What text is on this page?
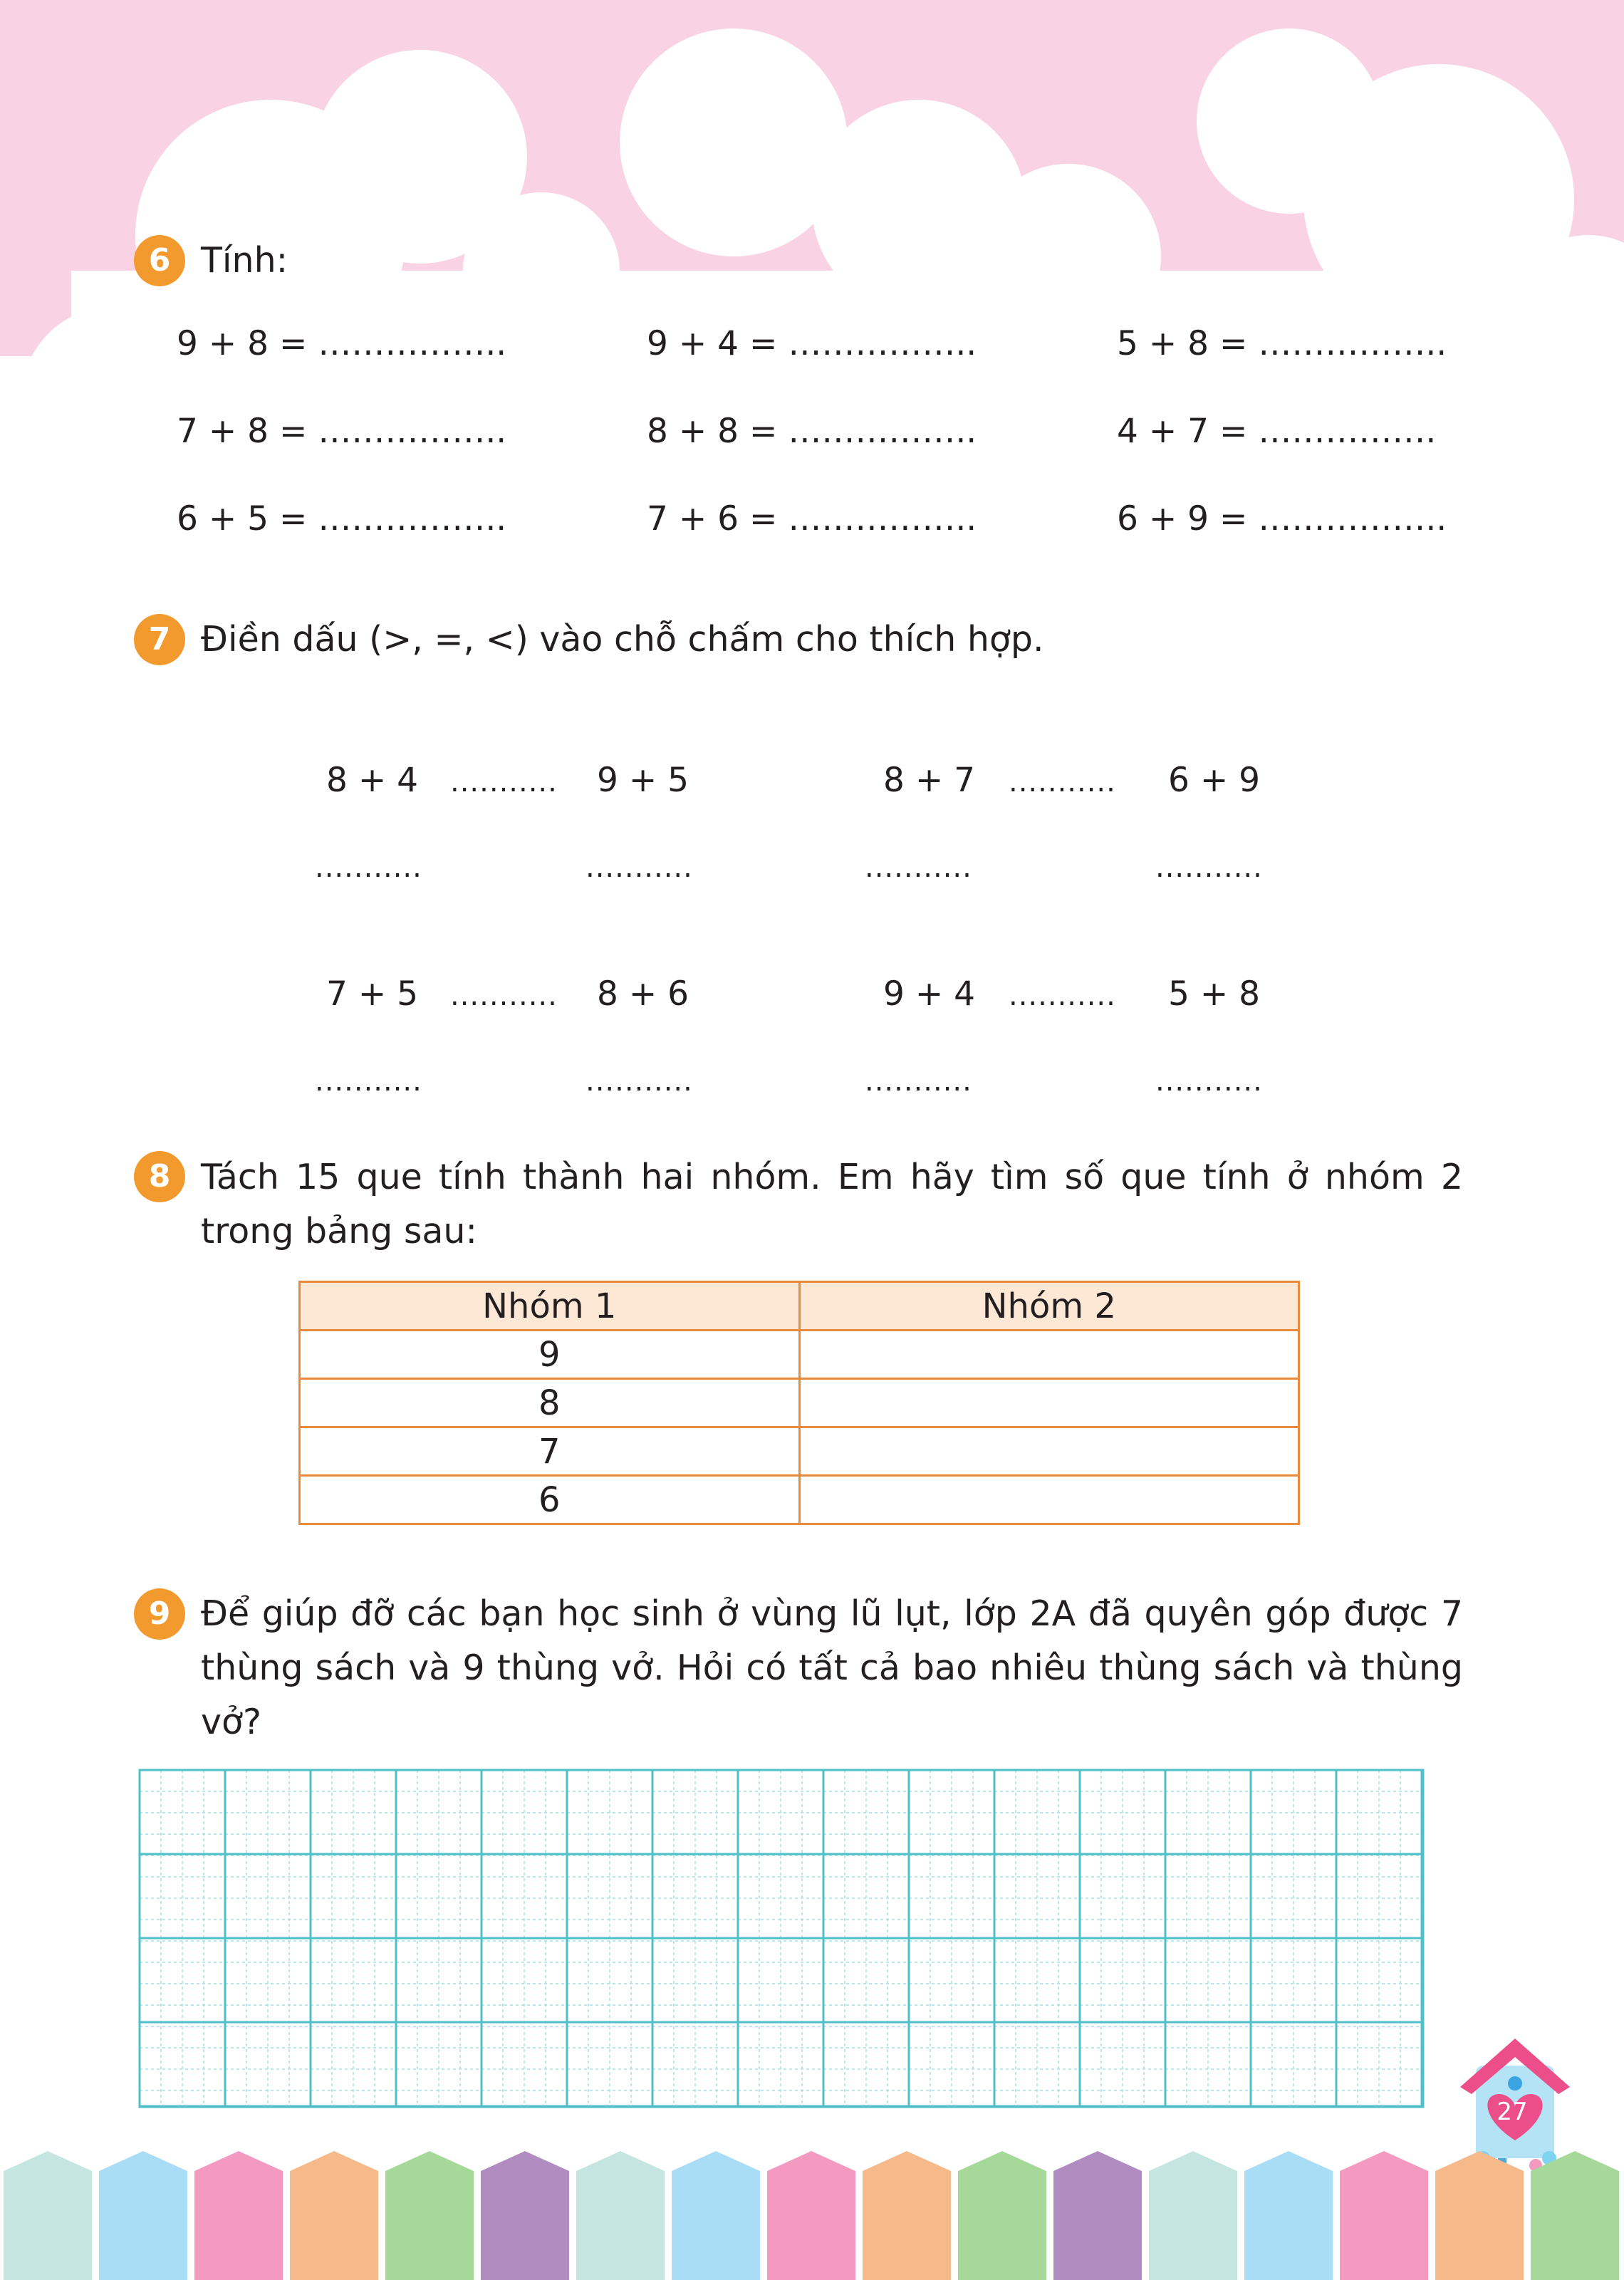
6 Tính:
9 + 8 = ……………..	9 + 4 = ……………..	5 + 8 = ……………..
7 + 8 = ……………..	8 + 8 = ……………..	4 + 7 = …………….
6 + 5 = ……………..	7 + 6 = ……………..	6 + 9 = ……………..
7 Điền dấu (>, =, <) vào chỗ chấm cho thích hợp.
8 + 4 ........... 9 + 5
...........	...........
8 + 7 ........... 6 + 9
...........	...........
7 + 5 ........... 8 + 6
...........	...........
9 + 4 ........... 5 + 8
...........	...........
8 Tách 15 que tính thành hai nhóm. Em hãy tìm số que tính ở nhóm 2 trong bảng sau:
Nhóm 1	Nhóm 2
9	
8	
7	
6	
9 Để giúp đỡ các bạn học sinh ở vùng lũ lụt, lớp 2A đã quyên góp được 7 thùng sách và 9 thùng vở. Hỏi có tất cả bao nhiêu thùng sách và thùng vở?
27
